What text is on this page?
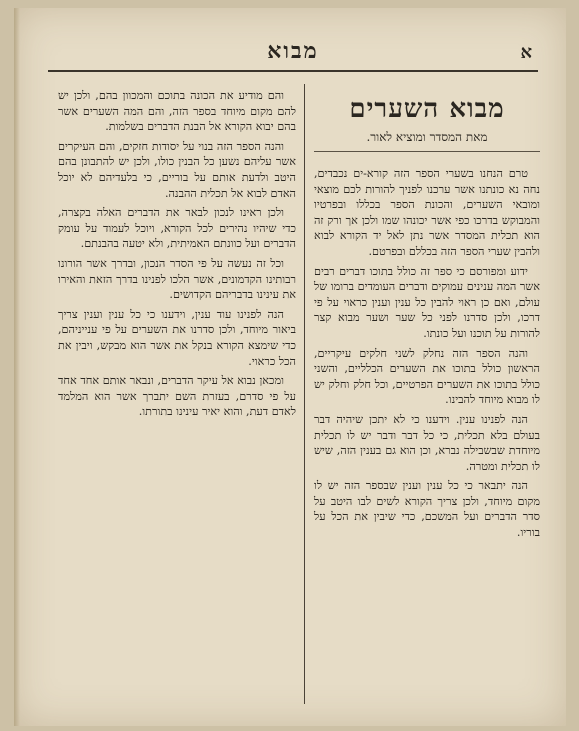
א
מבוא
מבוא השערים
מאת המסדר ומוציא לאור.

טרם הנחנו בשערי הספר הזה קורא‑ים נכבדים, נחה נא כונתנו אשר ערכנו לפניך להורות לכם מוצאי ומובאי השערים, והכונת הספר בכללו ובפרטיו והמבוקש בדרכו כפי אשר יכונהו שמו ולכן אך ורק זה הוא תכלית המסדר אשר נתן לאל יד הקורא לבוא ולהבין שערי הספר הזה בכללם ובפרטם.

ידוע ומפורסם כי ספר זה כולל בתוכו דברים רבים אשר המה ענינים עמוקים ודברים העומדים ברומו של עולם, ואם כן ראוי להבין כל ענין וענין כראוי על פי דרכו, ולכן סדרנו לפני כל שער ושער מבוא קצר להורות על תוכנו ועל כונתו.

והנה הספר הזה נחלק לשני חלקים עיקריים, הראשון כולל בתוכו את השערים הכלליים, והשני כולל בתוכו את השערים הפרטיים, וכל חלק וחלק יש לו מבוא מיוחד להבינו.

הנה לפנינו ענין. וידענו כי לא יתכן שיהיה דבר בעולם בלא תכלית, כי כל דבר ודבר יש לו תכלית מיוחדת שבשבילה נברא, וכן הוא גם בענין הזה, שיש לו תכלית ומטרה.

הנה יתבאר כי כל ענין וענין שבספר הזה יש לו מקום מיוחד, ולכן צריך הקורא לשים לבו היטב על סדר הדברים ועל המשכם, כדי שיבין את הכל על בוריו.

והם מודיע את הכונה בתוכם והמכוון בהם, ולכן יש להם מקום מיוחד בספר הזה, והם המה השערים אשר בהם יבוא הקורא אל הבנת הדברים בשלמות.

והנה הספר הזה בנוי על יסודות חזקים, והם העיקרים אשר עליהם נשען כל הבנין כולו, ולכן יש להתבונן בהם היטב ולדעת אותם על בוריים, כי בלעדיהם לא יוכל האדם לבוא אל תכלית ההבנה.

ולכן ראינו לנכון לבאר את הדברים האלה בקצרה, כדי שיהיו נהירים לכל הקורא, ויוכל לעמוד על עומק הדברים ועל כוונתם האמיתית, ולא יטעה בהבנתם.

וכל זה נעשה על פי הסדר הנכון, ובדרך אשר הורונו רבותינו הקדמונים, אשר הלכו לפנינו בדרך הזאת והאירו את עינינו בדבריהם הקדושים.

הנה לפנינו עוד ענין, וידענו כי כל ענין וענין צריך ביאור מיוחד, ולכן סדרנו את השערים על פי ענייניהם, כדי שימצא הקורא בנקל את אשר הוא מבקש, ויבין את הכל כראוי.

ומכאן נבוא אל עיקר הדברים, ונבאר אותם אחד אחד על פי סדרם, בעזרת השם יתברך אשר הוא המלמד לאדם דעת, והוא יאיר עינינו בתורתו.
